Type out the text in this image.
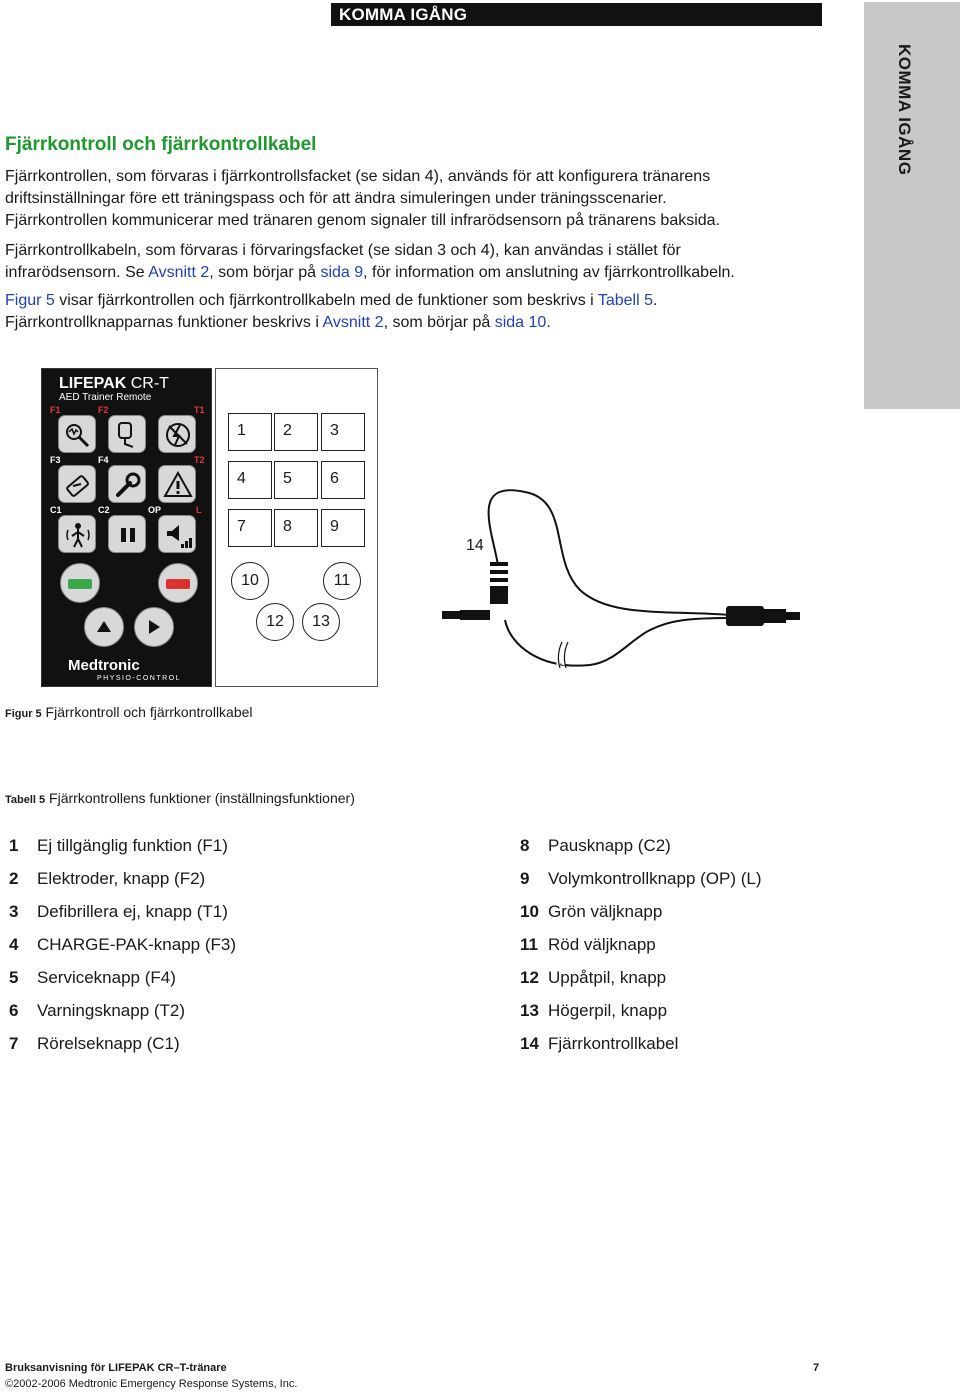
KOMMA IGÅNG
KOMMA IGÅNG
Fjärrkontroll och fjärrkontrollkabel
Fjärrkontrollen, som förvaras i fjärrkontrollsfacket (se sidan 4), används för att konfigurera tränarens
driftsinställningar före ett träningspass och för att ändra simuleringen under träningsscenarier.
Fjärrkontrollen kommunicerar med tränaren genom signaler till infrarödsensorn på tränarens baksida.
Fjärrkontrollkabeln, som förvaras i förvaringsfacket (se sidan 3 och 4), kan användas i stället för
infrarödsensorn. Se Avsnitt 2, som börjar på sida 9, för information om anslutning av fjärrkontrollkabeln.
Figur 5 visar fjärrkontrollen och fjärrkontrollkabeln med de funktioner som beskrivs i Tabell 5.
Fjärrkontrollknapparnas funktioner beskrivs i Avsnitt 2, som börjar på sida 10.
LIFEPAK CR-T
AED Trainer Remote
F1	F2	T1
F3	F4	T2
C1	C2	OP	L
Medtronic
PHYSIO-CONTROL
1	2	3
4	5	6
7	8	9
10	11
12	13
14
Figur 5 Fjärrkontroll och fjärrkontrollkabel
Tabell 5 Fjärrkontrollens funktioner (inställningsfunktioner)
1 Ej tillgänglig funktion (F1)
2 Elektroder, knapp (F2)
3 Defibrillera ej, knapp (T1)
4 CHARGE-PAK-knapp (F3)
5 Serviceknapp (F4)
6 Varningsknapp (T2)
7 Rörelseknapp (C1)
8 Pausknapp (C2)
9 Volymkontrollknapp (OP) (L)
10 Grön väljknapp
11 Röd väljknapp
12 Uppåtpil, knapp
13 Högerpil, knapp
14 Fjärrkontrollkabel
Bruksanvisning för LIFEPAK CR–T-tränare	7
©2002-2006 Medtronic Emergency Response Systems, Inc.
